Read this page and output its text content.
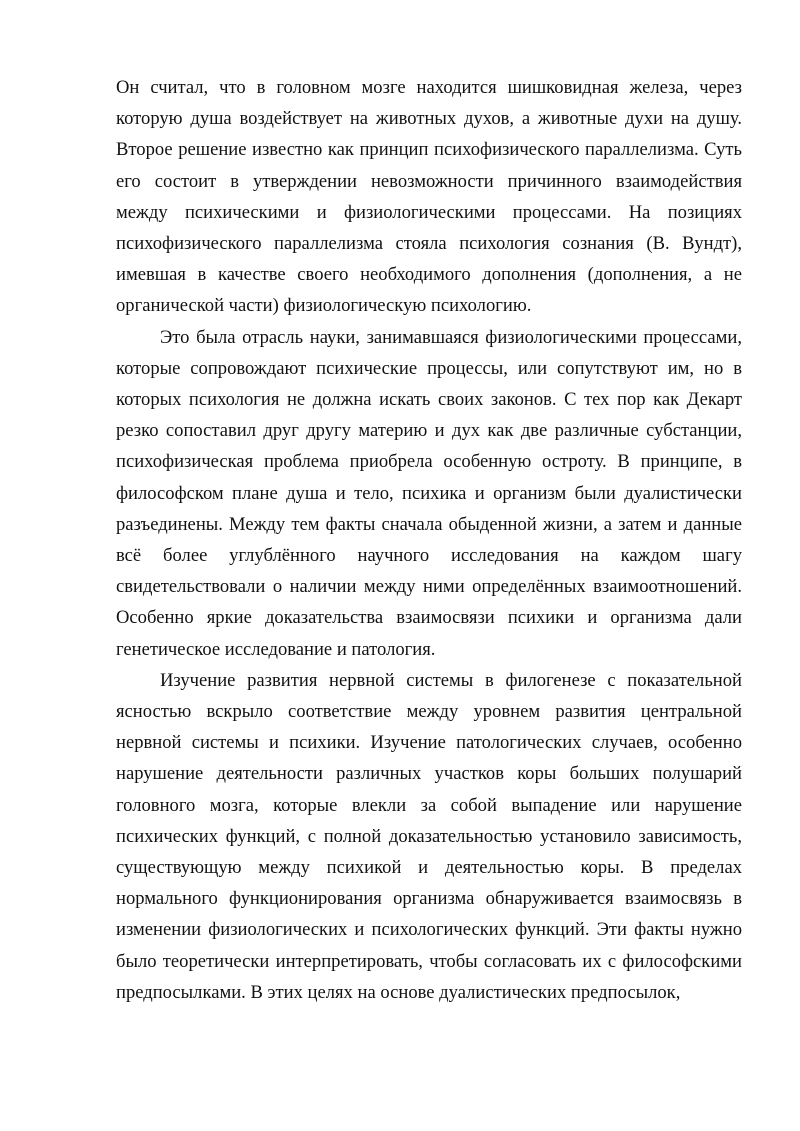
Он считал, что в головном мозге находится шишковидная железа, через которую душа воздействует на животных духов, а животные духи на душу. Второе решение известно как принцип психофизического параллелизма. Суть его состоит в утверждении невозможности причинного взаимодействия между психическими и физиологическими процессами. На позициях психофизического параллелизма стояла психология сознания (В. Вундт), имевшая в качестве своего необходимого дополнения (дополнения, а не органической части) физиологическую психологию.

Это была отрасль науки, занимавшаяся физиологическими процессами, которые сопровождают психические процессы, или сопутствуют им, но в которых психология не должна искать своих законов. С тех пор как Декарт резко сопоставил друг другу материю и дух как две различные субстанции, психофизическая проблема приобрела особенную остроту. В принципе, в философском плане душа и тело, психика и организм были дуалистически разъединены. Между тем факты сначала обыденной жизни, а затем и данные всё более углублённого научного исследования на каждом шагу свидетельствовали о наличии между ними определённых взаимоотношений. Особенно яркие доказательства взаимосвязи психики и организма дали генетическое исследование и патология.

Изучение развития нервной системы в филогенезе с показательной ясностью вскрыло соответствие между уровнем развития центральной нервной системы и психики. Изучение патологических случаев, особенно нарушение деятельности различных участков коры больших полушарий головного мозга, которые влекли за собой выпадение или нарушение психических функций, с полной доказательностью установило зависимость, существующую между психикой и деятельностью коры. В пределах нормального функционирования организма обнаруживается взаимосвязь в изменении физиологических и психологических функций. Эти факты нужно было теоретически интерпретировать, чтобы согласовать их с философскими предпосылками. В этих целях на основе дуалистических предпосылок,
